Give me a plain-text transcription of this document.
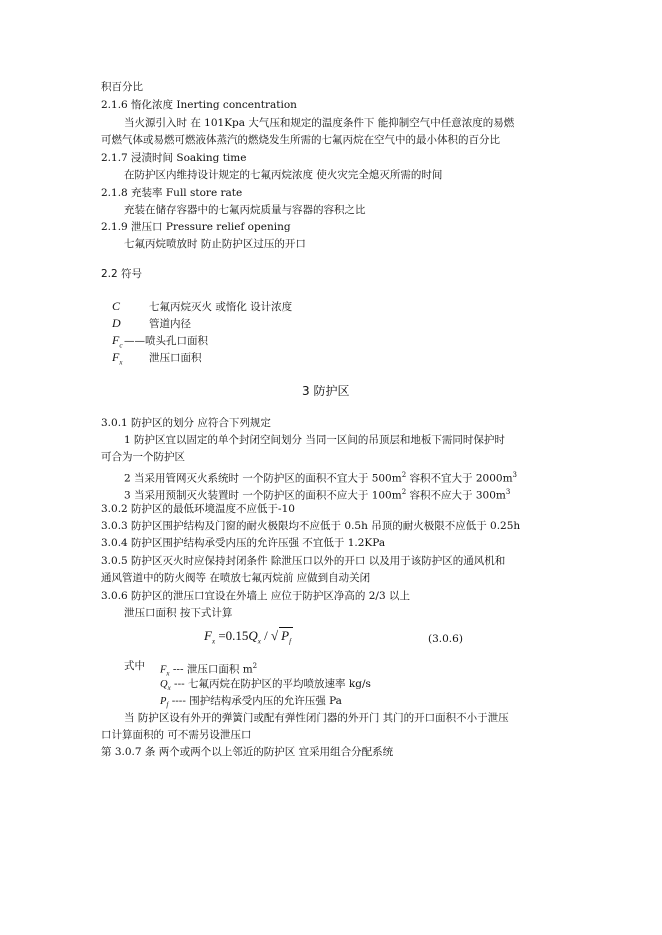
积百分比
2.1.6 惰化浓度 Inerting concentration
当火源引入时 在 101Kpa 大气压和规定的温度条件下 能抑制空气中任意浓度的易燃
可燃气体或易燃可燃液体蒸汽的燃烧发生所需的七氟丙烷在空气中的最小体积的百分比
2.1.7 浸渍时间 Soaking time
在防护区内维持设计规定的七氟丙烷浓度 使火灾完全熄灭所需的时间
2.1.8 充装率 Full store rate
充装在储存容器中的七氟丙烷质量与容器的容积之比
2.1.9 泄压口 Pressure relief opening
七氟丙烷喷放时 防止防护区过压的开口
2.2 符号
C	七氟丙烷灭火 或惰化 设计浓度
D	管道内径
$F_c$ ——喷头孔口面积
$F_x$	泄压口面积
3 防护区
3.0.1 防护区的划分 应符合下列规定
1 防护区宜以固定的单个封闭空间划分 当同一区间的吊顶层和地板下需同时保护时
可合为一个防护区
2 当采用管网灭火系统时 一个防护区的面积不宜大于 $500m^2$ 容积不宜大于 $2000m^3$
3 当采用预制灭火装置时 一个防护区的面积不应大于 $100m^2$ 容积不应大于 $300m^3$
3.0.2 防护区的最低环境温度不应低于-10
3.0.3 防护区围护结构及门窗的耐火极限均不应低于 0.5h 吊顶的耐火极限不应低于 0.25h
3.0.4 防护区围护结构承受内压的允许压强 不宜低于 1.2KPa
3.0.5 防护区灭火时应保持封闭条件 除泄压口以外的开口 以及用于该防护区的通风机和
通风管道中的防火阀等 在喷放七氟丙烷前 应做到自动关闭
3.0.6 防护区的泄压口宜设在外墙上 应位于防护区净高的 2/3 以上
泄压口面积 按下式计算
$F_x =0.15Q_x$ / √ $P_f$	(3.0.6)
式中 $F_x$ --- 泄压口面积 $m^2$
$Q_x$ --- 七氟丙烷在防护区的平均喷放速率 kg/s
$P_f$ ---- 围护结构承受内压的允许压强 Pa
当 防护区设有外开的弹簧门或配有弹性闭门器的外开门 其门的开口面积不小于泄压
口计算面积的 可不需另设泄压口
第 3.0.7 条 两个或两个以上邻近的防护区 宜采用组合分配系统
